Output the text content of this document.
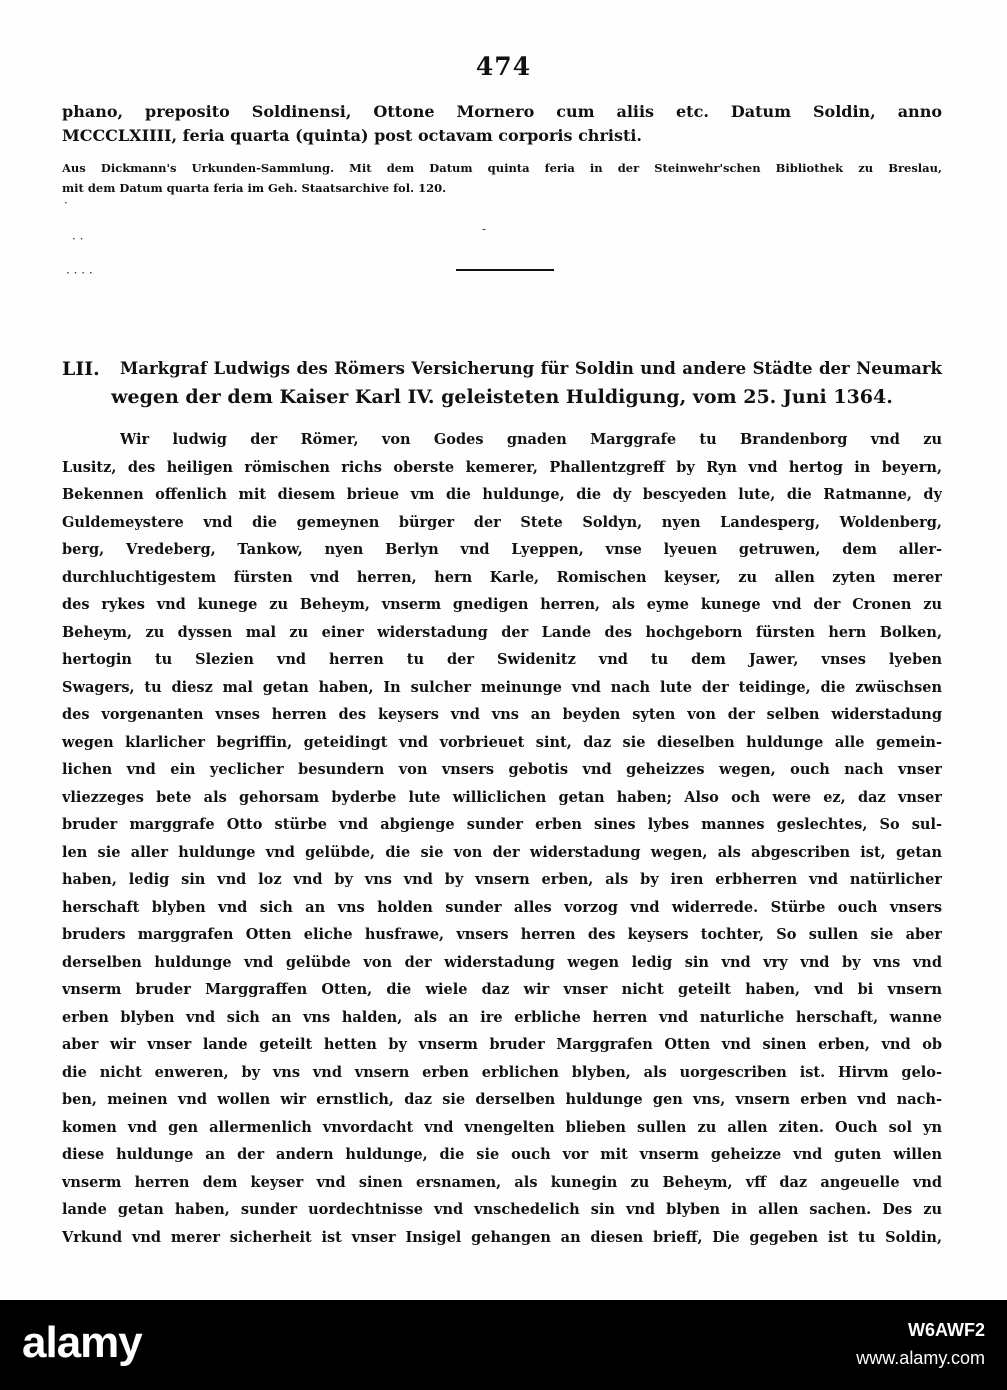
474
phano, preposito Soldinensi, Ottone Mornero cum aliis etc. Datum Soldin, anno
MCCCLXIIII, feria quarta (quinta) post octavam corporis christi.
Aus Dickmann's Urkunden-Sammlung. Mit dem Datum quinta feria in der Steinwehr'schen Bibliothek zu Breslau,
mit dem Datum quarta feria im Geh. Staatsarchive fol. 120.
·
· ·
· · · ·
-
LII. Markgraf Ludwigs des Römers Versicherung für Soldin und andere Städte der Neumark
wegen der dem Kaiser Karl IV. geleisteten Huldigung, vom 25. Juni 1364.
Wir ludwig der Römer, von Godes gnaden Marggrafe tu Brandenborg vnd zu
Lusitz, des heiligen römischen richs oberste kemerer, Phallentzgreff by Ryn vnd hertog in beyern,
Bekennen offenlich mit diesem brieue vm die huldunge, die dy bescyeden lute, die Ratmanne, dy
Guldemeystere vnd die gemeynen bürger der Stete Soldyn, nyen Landesperg, Woldenberg,
berg, Vredeberg, Tankow, nyen Berlyn vnd Lyeppen, vnse lyeuen getruwen, dem aller-
durchluchtigestem fürsten vnd herren, hern Karle, Romischen keyser, zu allen zyten merer
des rykes vnd kunege zu Beheym, vnserm gnedigen herren, als eyme kunege vnd der Cronen zu
Beheym, zu dyssen mal zu einer widerstadung der Lande des hochgeborn fürsten hern Bolken,
hertogin tu Slezien vnd herren tu der Swidenitz vnd tu dem Jawer, vnses lyeben
Swagers, tu diesz mal getan haben, In sulcher meinunge vnd nach lute der teidinge, die zwüschsen
des vorgenanten vnses herren des keysers vnd vns an beyden syten von der selben widerstadung
wegen klarlicher begriffin, geteidingt vnd vorbrieuet sint, daz sie dieselben huldunge alle gemein-
lichen vnd ein yeclicher besundern von vnsers gebotis vnd geheizzes wegen, ouch nach vnser
vliezzeges bete als gehorsam byderbe lute williclichen getan haben; Also och were ez, daz vnser
bruder marggrafe Otto stürbe vnd abgienge sunder erben sines lybes mannes geslechtes, So sul-
len sie aller huldunge vnd gelübde, die sie von der widerstadung wegen, als abgescriben ist, getan
haben, ledig sin vnd loz vnd by vns vnd by vnsern erben, als by iren erbherren vnd natürlicher
herschaft blyben vnd sich an vns holden sunder alles vorzog vnd widerrede. Stürbe ouch vnsers
bruders marggrafen Otten eliche husfrawe, vnsers herren des keysers tochter, So sullen sie aber
derselben huldunge vnd gelübde von der widerstadung wegen ledig sin vnd vry vnd by vns vnd
vnserm bruder Marggraffen Otten, die wiele daz wir vnser nicht geteilt haben, vnd bi vnsern
erben blyben vnd sich an vns halden, als an ire erbliche herren vnd naturliche herschaft, wanne
aber wir vnser lande geteilt hetten by vnserm bruder Marggrafen Otten vnd sinen erben, vnd ob
die nicht enweren, by vns vnd vnsern erben erblichen blyben, als uorgescriben ist. Hirvm gelo-
ben, meinen vnd wollen wir ernstlich, daz sie derselben huldunge gen vns, vnsern erben vnd nach-
komen vnd gen allermenlich vnvordacht vnd vnengelten blieben sullen zu allen ziten. Ouch sol yn
diese huldunge an der andern huldunge, die sie ouch vor mit vnserm geheizze vnd guten willen
vnserm herren dem keyser vnd sinen ersnamen, als kunegin zu Beheym, vff daz angeuelle vnd
lande getan haben, sunder uordechtnisse vnd vnschedelich sin vnd blyben in allen sachen. Des zu
Vrkund vnd merer sicherheit ist vnser Insigel gehangen an diesen brieff, Die gegeben ist tu Soldin,
alamy	W6AWF2
www.alamy.com
